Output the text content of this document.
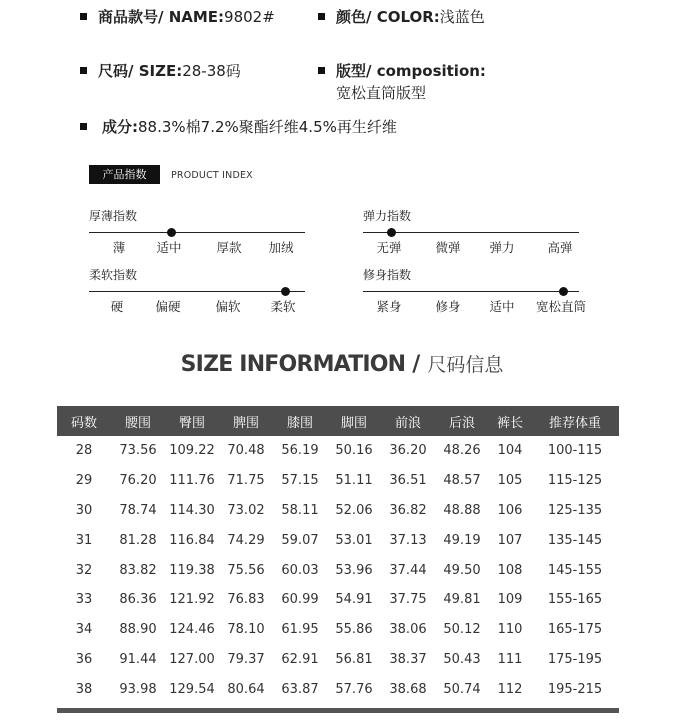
商品款号/ NAME:9802#	颜色/ COLOR:浅蓝色
尺码/ SIZE:28-38码	版型/ composition:
宽松直筒版型
成分:88.3%棉7.2%聚酯纤维4.5%再生纤维
产品指数	PRODUCT INDEX
厚薄指数
薄 适中	厚款 加绒
弹力指数
无弹	微弹 弹力	高弹
柔软指数
硬	偏硬	偏软 柔软
修身指数
紧身	修身 适中 宽松直筒
SIZE INFORMATION / 尺码信息
码数	腰围	臀围	脾围	膝围	脚围	前浪	后浪	裤长	推荐体重
28	73.56 109.22 70.48	56.19	50.16	36.20	48.26	104	100-115
29	76.20 111.76 71.75	57.15	51.11	36.51	48.57	105	115-125
30	78.74 114.30 73.02	58.11	52.06	36.82	48.88	106	125-135
31	81.28 116.84 74.29	59.07	53.01	37.13	49.19	107	135-145
32	83.82 119.38 75.56	60.03	53.96	37.44	49.50	108	145-155
33	86.36 121.92 76.83	60.99	54.91	37.75	49.81	109	155-165
34	88.90 124.46 78.10	61.95	55.86	38.06	50.12	110	165-175
36	91.44 127.00 79.37	62.91	56.81	38.37	50.43	111	175-195
38	93.98 129.54 80.64	63.87	57.76	38.68	50.74	112	195-215
